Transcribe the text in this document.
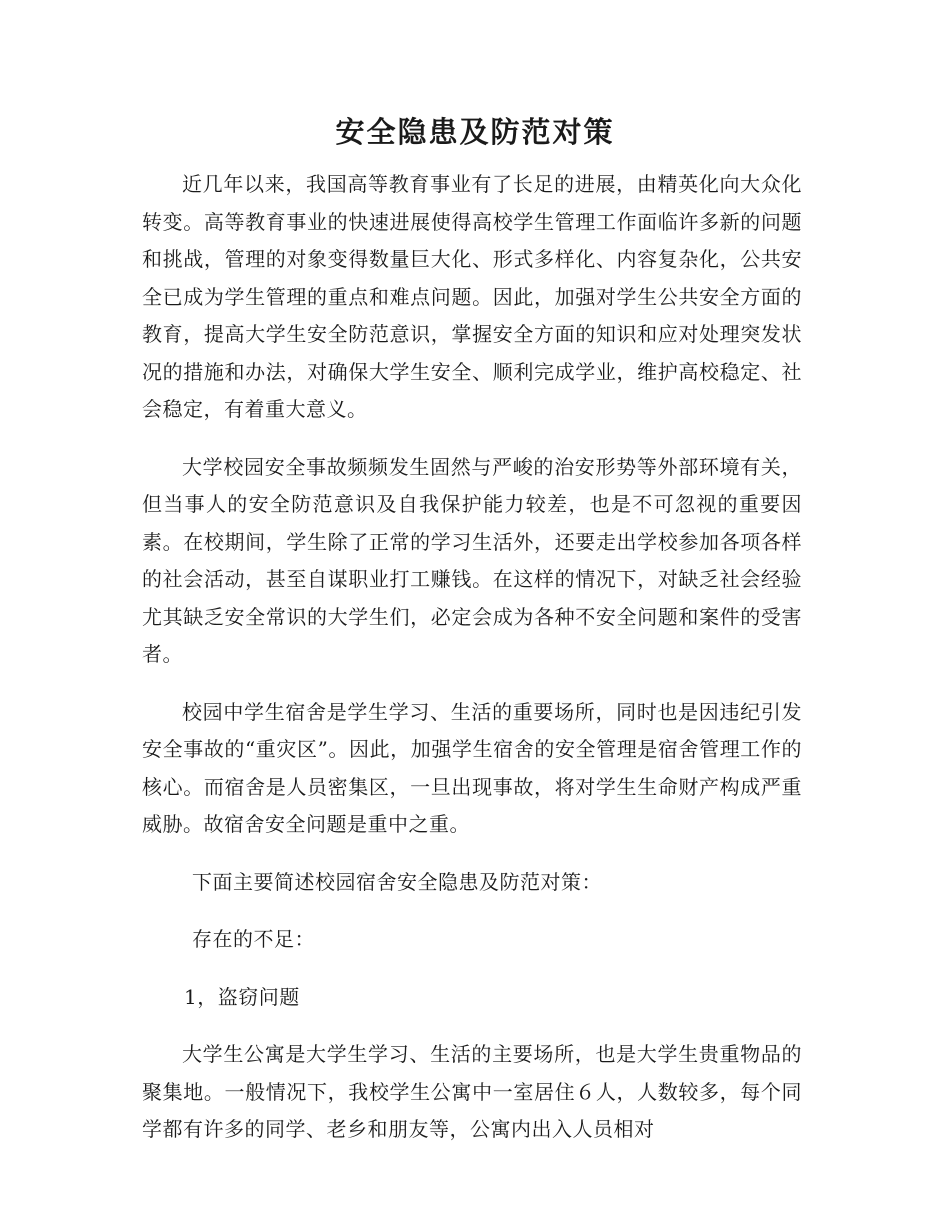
安全隐患及防范对策

近几年以来，我国高等教育事业有了长足的进展，由精英化向大众化转变。高等教育事业的快速进展使得高校学生管理工作面临许多新的问题和挑战，管理的对象变得数量巨大化、形式多样化、内容复杂化，公共安全已成为学生管理的重点和难点问题。因此，加强对学生公共安全方面的教育，提高大学生安全防范意识，掌握安全方面的知识和应对处理突发状况的措施和办法，对确保大学生安全、顺利完成学业，维护高校稳定、社会稳定，有着重大意义。

大学校园安全事故频频发生固然与严峻的治安形势等外部环境有关，但当事人的安全防范意识及自我保护能力较差，也是不可忽视的重要因素。在校期间，学生除了正常的学习生活外，还要走出学校参加各项各样的社会活动，甚至自谋职业打工赚钱。在这样的情况下，对缺乏社会经验尤其缺乏安全常识的大学生们，必定会成为各种不安全问题和案件的受害者。

校园中学生宿舍是学生学习、生活的重要场所，同时也是因违纪引发安全事故的“重灾区”。因此，加强学生宿舍的安全管理是宿舍管理工作的核心。而宿舍是人员密集区，一旦出现事故，将对学生生命财产构成严重威胁。故宿舍安全问题是重中之重。

下面主要简述校园宿舍安全隐患及防范对策：

存在的不足：

1，盗窃问题

大学生公寓是大学生学习、生活的主要场所，也是大学生贵重物品的聚集地。一般情况下，我校学生公寓中一室居住６人，人数较多，每个同学都有许多的同学、老乡和朋友等，公寓内出入人员相对
